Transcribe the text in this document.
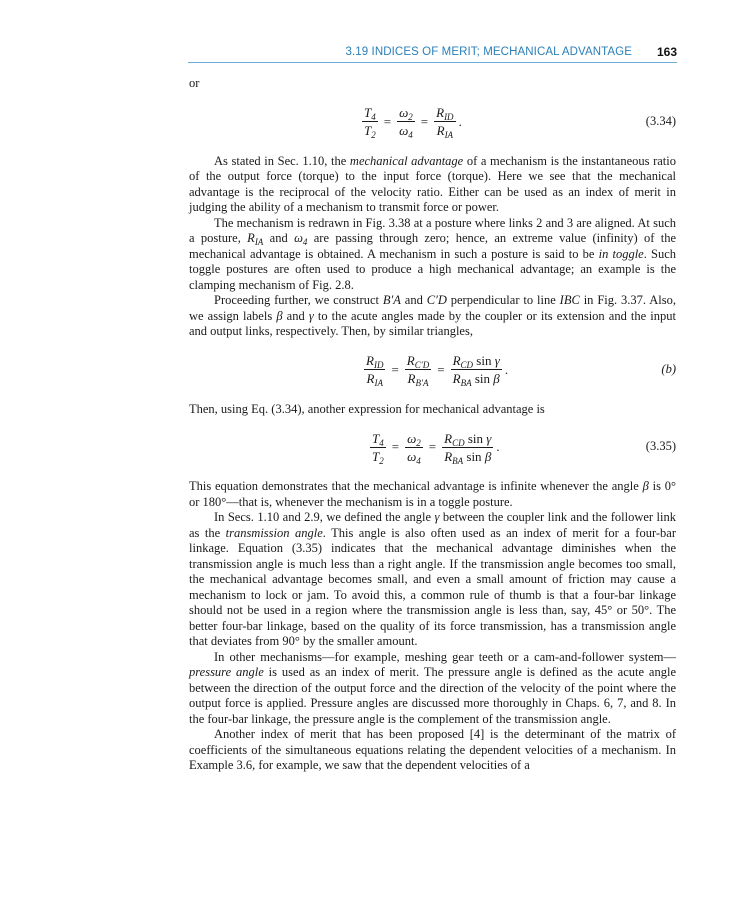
3.19 INDICES OF MERIT; MECHANICAL ADVANTAGE 163

or

$\frac{T_4}{T_2} = \frac{\omega_2}{\omega_4} = \frac{R_{ID}}{R_{IA}}$ .	(3.34)

As stated in Sec. 1.10, the mechanical advantage of a mechanism is the instantaneous ratio of the output force (torque) to the input force (torque). Here we see that the mechanical advantage is the reciprocal of the velocity ratio. Either can be used as an index of merit in judging the ability of a mechanism to transmit force or power.

The mechanism is redrawn in Fig. 3.38 at a posture where links 2 and 3 are aligned. At such a posture, $R_{IA}$ and $\omega_4$ are passing through zero; hence, an extreme value (infinity) of the mechanical advantage is obtained. A mechanism in such a posture is said to be in toggle. Such toggle postures are often used to produce a high mechanical advantage; an example is the clamping mechanism of Fig. 2.8.

Proceeding further, we construct B′A and C′D perpendicular to line IBC in Fig. 3.37. Also, we assign labels β and γ to the acute angles made by the coupler or its extension and the input and output links, respectively. Then, by similar triangles,

$\frac{R_{ID}}{R_{IA}} = \frac{R_{C'D}}{R_{B'A}} = \frac{R_{CD} \sin \gamma}{R_{BA} \sin \beta}$ .	(b)

Then, using Eq. (3.34), another expression for mechanical advantage is

$\frac{T_4}{T_2} = \frac{\omega_2}{\omega_4} = \frac{R_{CD} \sin \gamma}{R_{BA} \sin \beta}$ .	(3.35)

This equation demonstrates that the mechanical advantage is infinite whenever the angle β is 0° or 180°—that is, whenever the mechanism is in a toggle posture.

In Secs. 1.10 and 2.9, we defined the angle γ between the coupler link and the follower link as the transmission angle. This angle is also often used as an index of merit for a four-bar linkage. Equation (3.35) indicates that the mechanical advantage diminishes when the transmission angle is much less than a right angle. If the transmission angle becomes too small, the mechanical advantage becomes small, and even a small amount of friction may cause a mechanism to lock or jam. To avoid this, a common rule of thumb is that a four-bar linkage should not be used in a region where the transmission angle is less than, say, 45° or 50°. The better four-bar linkage, based on the quality of its force transmission, has a transmission angle that deviates from 90° by the smaller amount.

In other mechanisms—for example, meshing gear teeth or a cam-and-follower system—pressure angle is used as an index of merit. The pressure angle is defined as the acute angle between the direction of the output force and the direction of the velocity of the point where the output force is applied. Pressure angles are discussed more thoroughly in Chaps. 6, 7, and 8. In the four-bar linkage, the pressure angle is the complement of the transmission angle.

Another index of merit that has been proposed [4] is the determinant of the matrix of coefficients of the simultaneous equations relating the dependent velocities of a mechanism. In Example 3.6, for example, we saw that the dependent velocities of a
